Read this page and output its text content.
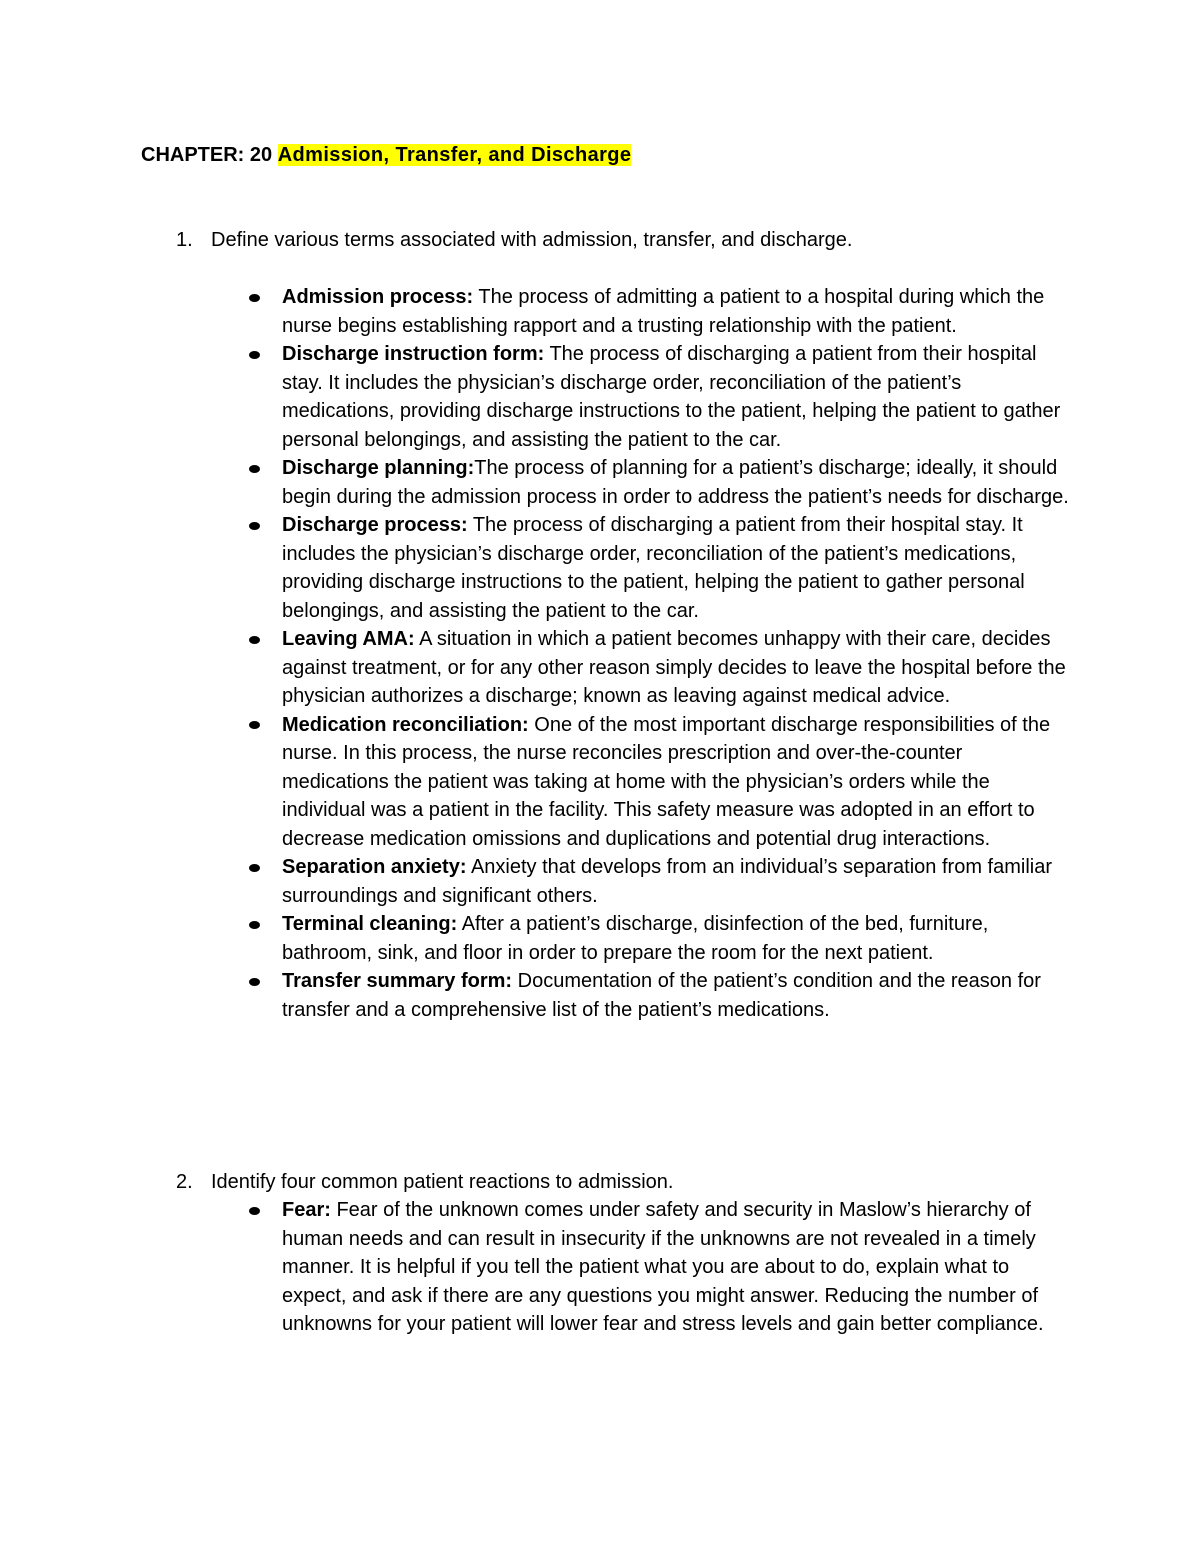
CHAPTER: 20 Admission, Transfer, and Discharge
1. Define various terms associated with admission, transfer, and discharge.
Admission process: The process of admitting a patient to a hospital during which the nurse begins establishing rapport and a trusting relationship with the patient.
Discharge instruction form: The process of discharging a patient from their hospital stay. It includes the physician’s discharge order, reconciliation of the patient’s medications, providing discharge instructions to the patient, helping the patient to gather personal belongings, and assisting the patient to the car.
Discharge planning:The process of planning for a patient’s discharge; ideally, it should begin during the admission process in order to address the patient’s needs for discharge.
Discharge process: The process of discharging a patient from their hospital stay. It includes the physician’s discharge order, reconciliation of the patient’s medications, providing discharge instructions to the patient, helping the patient to gather personal belongings, and assisting the patient to the car.
Leaving AMA: A situation in which a patient becomes unhappy with their care, decides against treatment, or for any other reason simply decides to leave the hospital before the physician authorizes a discharge; known as leaving against medical advice.
Medication reconciliation: One of the most important discharge responsibilities of the nurse. In this process, the nurse reconciles prescription and over-the-counter medications the patient was taking at home with the physician’s orders while the individual was a patient in the facility. This safety measure was adopted in an effort to decrease medication omissions and duplications and potential drug interactions.
Separation anxiety: Anxiety that develops from an individual’s separation from familiar surroundings and significant others.
Terminal cleaning: After a patient’s discharge, disinfection of the bed, furniture, bathroom, sink, and floor in order to prepare the room for the next patient.
Transfer summary form: Documentation of the patient’s condition and the reason for transfer and a comprehensive list of the patient’s medications.
2. Identify four common patient reactions to admission.
Fear: Fear of the unknown comes under safety and security in Maslow’s hierarchy of human needs and can result in insecurity if the unknowns are not revealed in a timely manner. It is helpful if you tell the patient what you are about to do, explain what to expect, and ask if there are any questions you might answer. Reducing the number of unknowns for your patient will lower fear and stress levels and gain better compliance.
